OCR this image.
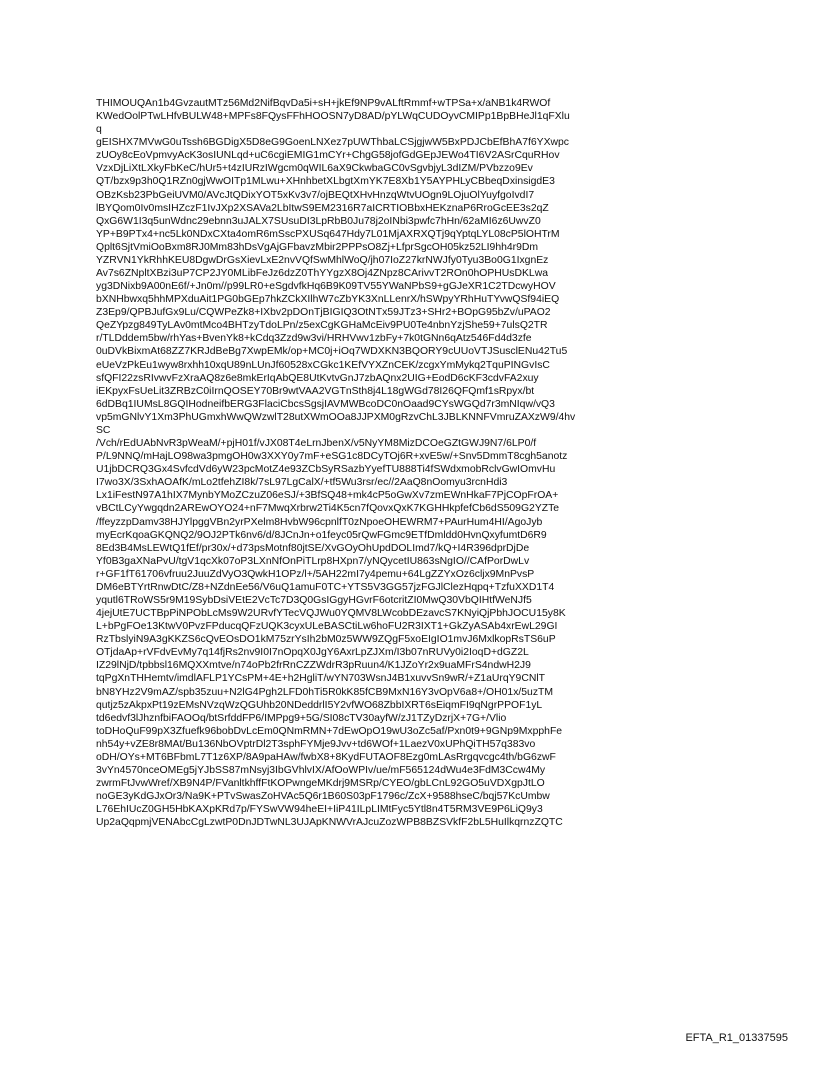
THIMOUQAn1b4GvzautMTz56Md2NifBqvDa5i+sH+jkEf9NP9vALftRmmf+wTPSa+x/aNB1k4RWOf
KWedOolPTwLHfvBULW48+MPFs8FQysFFhHOOSN7yD8AD/pYLWqCUDOyvCMIPp1BpBHeJl1qFXlu
q
gEISHX7MVwG0uTssh6BGDigX5D8eG9GoenLNXez7pUWThbaLCSjgjwW5BxPDJCbEfBhA7f6YXwpc
zUOy8cEoVpmvyAcK3osIUNLqd+uC6cgiEMIG1mCYr+ChgG58jofGdGEpJEWo4TI6V2ASrCquRHov
VzxDjLiXtLXkyFbKeC/hUr5+t4zIURzIWgcm0qWIL6aX9CkwbaGC0vSgvbjyL3dIZM/PVbzzo9Ev
QT/bzx9p3h0Q1RZn0gjWwOITp1MLwu+XHnhbetXLbgtXmYK7E8Xb1Y5AYPHLyCBbeqDxinsigdE3
OBzKsb23PbGeiUVM0/AVcJtQDixYOT5xKv3v7/ojBEQtXHvHnzqWtvUOgn9LOjuOlYuyfgoIvdI7
lBYQom0Iv0msIHZczF1IvJXp2XSAVa2LbItwS9EM2316R7aICRTIOBbxHEKznaP6RroGcEE3s2qZ
QxG6W1I3q5unWdnc29ebnn3uJALX7SUsuDI3LpRbB0Ju78j2oINbi3pwfc7hHn/62aMI6z6UwvZ0
YP+B9PTx4+nc5Lk0NDxCXta4omR6mSscPXUSq647Hdy7L01MjAXRXQTj9qYptqLYL08cP5lOHTrM
Qplt6SjtVmiOoBxm8RJ0Mm83hDsVgAjGFbavzMbir2PPPsO8Zj+LfprSgcOH05kz52LI9hh4r9Dm
YZRVN1YkRhhKEU8DgwDrGsXievLxE2nvVQfSwMhlWoQ/jh07IoZ27krNWJfy0Tyu3Bo0G1IxgnEz
Av7s6ZNpltXBzi3uP7CP2JY0MLibFeJz6dzZ0ThYYgzX8Oj4ZNpz8CArivvT2ROn0hOPHUsDKLwa
yg3DNixb9A00nE6f/+Jn0m//p99LR0+eSgdvfkHq6B9K09TV55YWaNPbS9+gGJeXR1C2TDcwyHOV
bXNHbwxq5hhMPXduAit1PG0bGEp7hkZCkXIlhW7cZbYK3XnLLenrX/hSWpyYRhHuTYvwQSf94iEQ
Z3Ep9/QPBJufGx9Lu/CQWPeZk8+IXbv2pDOnTjBIGIQ3OtNTx59JTz3+SHr2+BOpG95bZv/uPAO2
QeZYpzg849TyLAv0mtMco4BHTzyTdoLPn/z5exCgKGHaMcEiv9PU0Te4nbnYzjShe59+7ulsQ2TR
r/TLDddem5bw/rhYas+BvenYk8+kCdq3Zzd9w3vi/HRHVwv1zbFy+7k0tGNn6qAtz546Fd4d3zfe
0uDVkBixmAt68ZZ7KRJdBeBg7XwpEMk/op+MC0j+iOq7WDXKN3BQORY9cUUoVTJSusclENu42Tu5
eUeVzPkEu1wyw8rxhh10xqU89nLUnJf60528xCGkc1KEfVYXZnCEK/zcgxYmMykq2TquPINGvIsC
sfQFI22zsRIvwvFzXraAQ8z6e8mkErIqAbQE8UtKvtvGnJ7zbAQnx2UIG+EodD6cKF3cdvFA2xuy
iEKpyxFsUeLit3ZRBzC0iIrnQOSEY70Br9wtVAA2VGTnSth8j4L18gWGd78I26QFQmf1sRpyx/bt
6dDBq1IUMsL8GQIHodneifbERG3FlaciCbcsSgsjIAVMWBcoDC0nOaad9CYsWGQd7r3mNIqw/vQ3
vp5mGNlvY1Xm3PhUGmxhWwQWzwlT28utXWmOOa8JJPXM0gRzvChL3JBLKNNFVmruZAXzW9/4hv
SC
/Vch/rEdUAbNvR3pWeaM/+pjH01f/vJX08T4eLrnJbenX/v5NyYM8MizDCOeGZtGWJ9N7/6LP0/f
P/L9NNQ/mHajLO98wa3pmgOH0w3XXY0y7mF+eSG1c8DCyTOj6R+xvE5w/+Snv5DmmT8cgh5anotz
U1jbDCRQ3Gx4SvfcdVd6yW23pcMotZ4e93ZCbSyRSazbYyefTU888Ti4fSWdxmobRclvGwIOmvHu
I7wo3X/3SxhAOAfK/mLo2tfehZI8k/7sL97LgCalX/+tf5Wu3rsr/ec//2AaQ8nOomyu3rcnHdi3
Lx1iFestN97A1hIX7MynbYMoZCzuZ06eSJ/+3BfSQ48+mk4cP5oGwXv7zmEWnHkaF7PjCOpFrOA+
vBCtLCyYwgqdn2AREwOYO24+nF7MwqXrbrw2Ti4K5cn7fQovxQxK7KGHHkpfefCb6dS509G2YZTe
/ffeyzzpDamv38HJYlpggVBn2yrPXelm8HvbW96cpnlfT0zNpoeOHEWRM7+PAurHum4HI/AgoJyb
myEcrKqoaGKQNQ2/9OJ2PTk6nv6/d/8JCnJn+o1feyc05rQwFGmc9ETfDmldd0HvnQxyfumtD6R9
8Ed3B4MsLEWtQ1fEf/pr30x/+d73psMotnf80jtSE/XvGOyOhUpdDOLImd7/kQ+I4R396dprDjDe
Yf0B3gaXNaPvU/tgV1qcXk07oP3LXnNfOnPiTLrp8HXpn7/yNQycetIU863sNgIO//CAfPorDwLv
r+GF1fT61706vfruu2JuuZdVyO3QwkH1OPz/l+/5AH22mI7y4pemu+64LgZZYxOz6cljx9MnPvsP
DM6eBTYrtRnwDtC/Z8+NZdnEe56/V6uQ1amuF0TC+YTS5V3GG57jzFGJlClezHqpq+TzfuXXD1T4
yqutl6TRoWS5r9M19SybDsiVEtE2VcTc7D3Q0GsIGgyHGvrF6otcritZI0MwQ30VbQIHtfWeNJf5
4jejUtE7UCTBpPiNPObLcMs9W2URvfYTecVQJWu0YQMV8LWcobDEzavcS7KNyiQjPbhJOCU15y8K
L+bPgFOe13KtwV0PvzFPducqQFzUQK3cyxULeBASCtiLw6hoFU2R3IXT1+GkZyASAb4xrEwL29GI
RzTbslyiN9A3gKKZS6cQvEOsDO1kM75zrYsIh2bM0z5WW9ZQgF5xoEIgIO1mvJ6MxlkopRsTS6uP
OTjdaAp+rVFdvEvMy7q14fjRs2nv9I0I7nOpqX0JgY6AxrLpZJXm/I3b07nRUVy0i2IoqD+dGZ2L
IZ29lNjD/tpbbsl16MQXXmtve/n74oPb2frRnCZZWdrR3pRuun4/K1JZoYr2x9uaMFrS4ndwH2J9
tqPgXnTHHemtv/imdlAFLP1YCsPM+4E+h2HgliT/wYN703WsnJ4B1xuvvSn9wR/+Z1aUrqY9CNlT
bN8YHz2V9mAZ/spb35zuu+N2lG4Pgh2LFD0hTi5R0kK85fCB9MxN16Y3vOpV6a8+/OH01x/5uzTM
qutjz5zAkpxPt19zEMsNVzqWzQGUhb20NDeddrlI5Y2vfWO68ZbbIXRT6sEiqmFI9qNgrPPOF1yL
td6edvf3lJhznfbiFAOOq/btSrfddFP6/IMPpg9+5G/SI08cTV30ayfW/zJ1TZyDzrjX+7G+/Vlio
toDHoQuF99pX3Zfuefk96bobDvLcEm0QNmRMN+7dEwOpO19wU3oZc5af/Pxn0t9+9GNp9MxpphFe
nh54y+vZE8r8MAt/Bu136NbOVptrDl2T3sphFYMje9Jvv+td6WOf+1LaezV0xUPhQiTH57q383vo
oDH/OYs+MT6BFbmL7T1z6XP/8A9paHAw/fwbX8+8KydFUTAOF8Ezg0mLAsRrgqvcgc4th/bG6zwF
3vYn4570nceOMEg5jYJbSS87mNsyj3IbGVhlvIX/AfOoWPIv/ue/mF565124dWu4e3FdM3Ccw4My
zwrmFtJvwWref/XB9N4P/FVanltkhffFtKOPwngeMKdrj9MSRp/CYEO/gbLCnL92GO5uVDXgpJtLO
noGE3yKdGJxOr3/Na9K+PTvSwasZoHVAc5Q6r1B60S03pF1796c/ZcX+9588hseC/bqj57KcUmbw
L76EhIUcZ0GH5HbKAXpKRd7p/FYSwVW94heEI+IiP41ILpLIMtFyc5Ytl8n4T5RM3VE9P6LiQ9y3
Up2aQqpmjVENAbcCgLzwtP0DnJDTwNL3UJApKNWVrAJcuZozWPB8BZSVkfF2bL5HuIlkqrnzZQTC
EFTA_R1_01337595
